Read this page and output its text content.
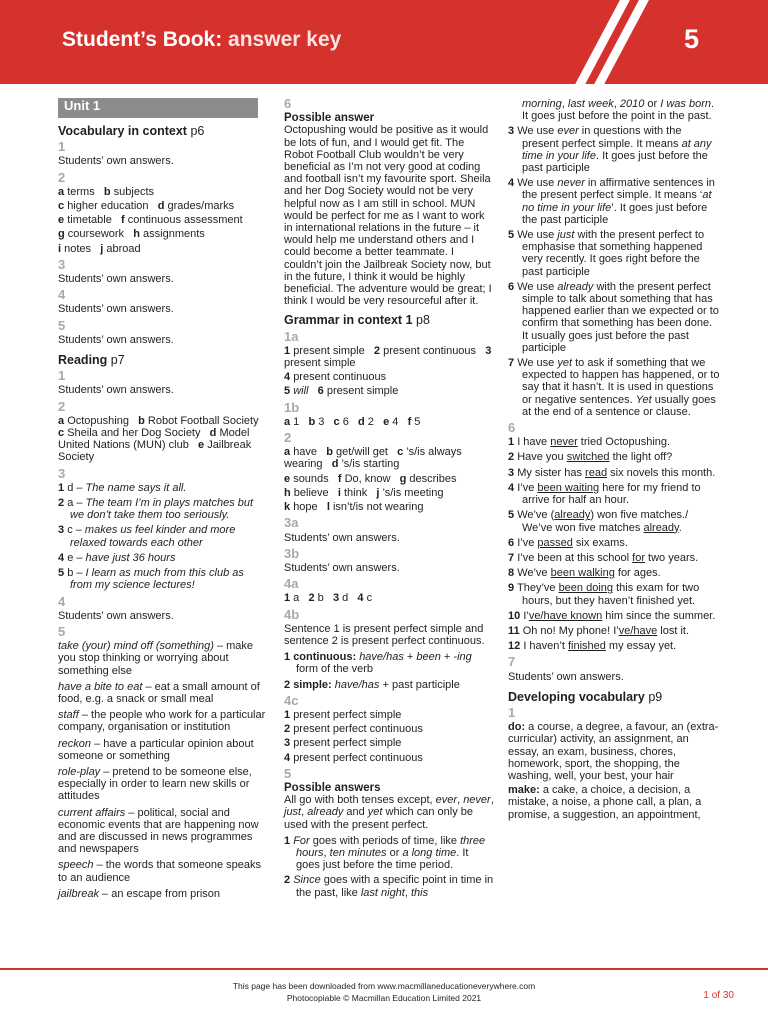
Student’s Book: answer key	5
Unit 1
Vocabulary in context p6
1

Students’ own answers.

2

a terms b subjects

c higher education d grades/marks

e timetable f continuous assessment

g coursework h assignments

i notes j abroad

3

Students’ own answers.

4

Students’ own answers.

5

Students’ own answers.

Reading p7
1

Students’ own answers.

2

a Octopushing b Robot Football Society   c Sheila and her Dog Society d Model United Nations (MUN) club e Jailbreak Society

3

1 d – The name says it all.

2 a – The team I’m in plays matches but we don’t take them too seriously.

3 c – makes us feel kinder and more relaxed towards each other

4 e – have just 36 hours

5 b – I learn as much from this club as from my science lectures!

4

Students’ own answers.

5

take (your) mind off (something) – make you stop thinking or worrying about something else

have a bite to eat – eat a small amount of food, e.g. a snack or small meal

staff – the people who work for a particular company, organisation or institution

reckon – have a particular opinion about someone or something

role-play – pretend to be someone else, especially in order to learn new skills or attitudes

current affairs – political, social and economic events that are happening now and are discussed in news programmes and newspapers

speech – the words that someone speaks to an audience

jailbreak – an escape from prison

6
Possible answer

Octopushing would be positive as it would be lots of fun, and I would get fit. The Robot Football Club wouldn’t be very beneficial as I’m not very good at coding and football isn’t my favourite sport. Sheila and her Dog Society would not be very helpful now as I am still in school. MUN would be perfect for me as I want to work in international relations in the future – it would help me understand others and I could become a better teammate. I couldn’t join the Jailbreak Society now, but in the future, I think it would be highly beneficial. The adventure would be great; I think I would be very resourceful after it.

Grammar in context 1 p8
1a

1 present simple 2 present continuous 3 present simple

4 present continuous

5 will 6 present simple

1b

a 1   b 3   c 6   d 2   e 4   f 5

2

a have b get/will get c ’s/is always wearing d ’s/is starting

e sounds f Do, know g describes

h believe i think j ’s/is meeting

k hope l isn’t/is not wearing

3a

Students’ own answers.

3b

Students’ own answers.

4a

1 a   2 b   3 d   4 c

4b

Sentence 1 is present perfect simple and sentence 2 is present perfect continuous.

1 continuous: have/has + been + -ing form of the verb

2 simple: have/has + past participle

4c

1 present perfect simple

2 present perfect continuous

3 present perfect simple

4 present perfect continuous

5
Possible answers

All go with both tenses except, ever, never, just, already and yet which can only be used with the present perfect.

1 For goes with periods of time, like three hours, ten minutes or a long time. It goes just before the time period.

2 Since goes with a specific point in time in the past, like last night, this

morning, last week, 2010 or I was born. It goes just before the point in the past.

3 We use ever in questions with the present perfect simple. It means at any time in your life. It goes just before the past participle

4 We use never in affirmative sentences in the present perfect simple. It means ‘at no time in your life’. It goes just before the past participle

5 We use just with the present perfect to emphasise that something happened very recently. It goes right before the past participle

6 We use already with the present perfect simple to talk about something that has happened earlier than we expected or to confirm that something has been done. It usually goes just before the past participle

7 We use yet to ask if something that we expected to happen has happened, or to say that it hasn’t. It is used in questions or negative sentences. Yet usually goes at the end of a sentence or clause.

6

1 I have never tried Octopushing.

2 Have you switched the light off?

3 My sister has read six novels this month.

4 I’ve been waiting here for my friend to arrive for half an hour.

5 We’ve (already) won five matches./ We’ve won five matches already.

6 I’ve passed six exams.

7 I’ve been at this school for two years.

8 We’ve been walking for ages.

9 They’ve been doing this exam for two hours, but they haven’t finished yet.

10 I’ve/have known him since the summer.

11 Oh no! My phone! I’ve/have lost it.

12 I haven’t finished my essay yet.

7

Students’ own answers.

Developing vocabulary p9
1

do: a course, a degree, a favour, an (extra-curricular) activity, an assignment, an essay, an exam, business, chores, homework, sport, the shopping, the washing, well, your best, your hair

make: a cake, a choice, a decision, a mistake, a noise, a phone call, a plan, a promise, a suggestion, an appointment,

This page has been downloaded from www.macmillaneducationeverywhere.com
Photocopiable © Macmillan Education Limited 2021	1 of 30
